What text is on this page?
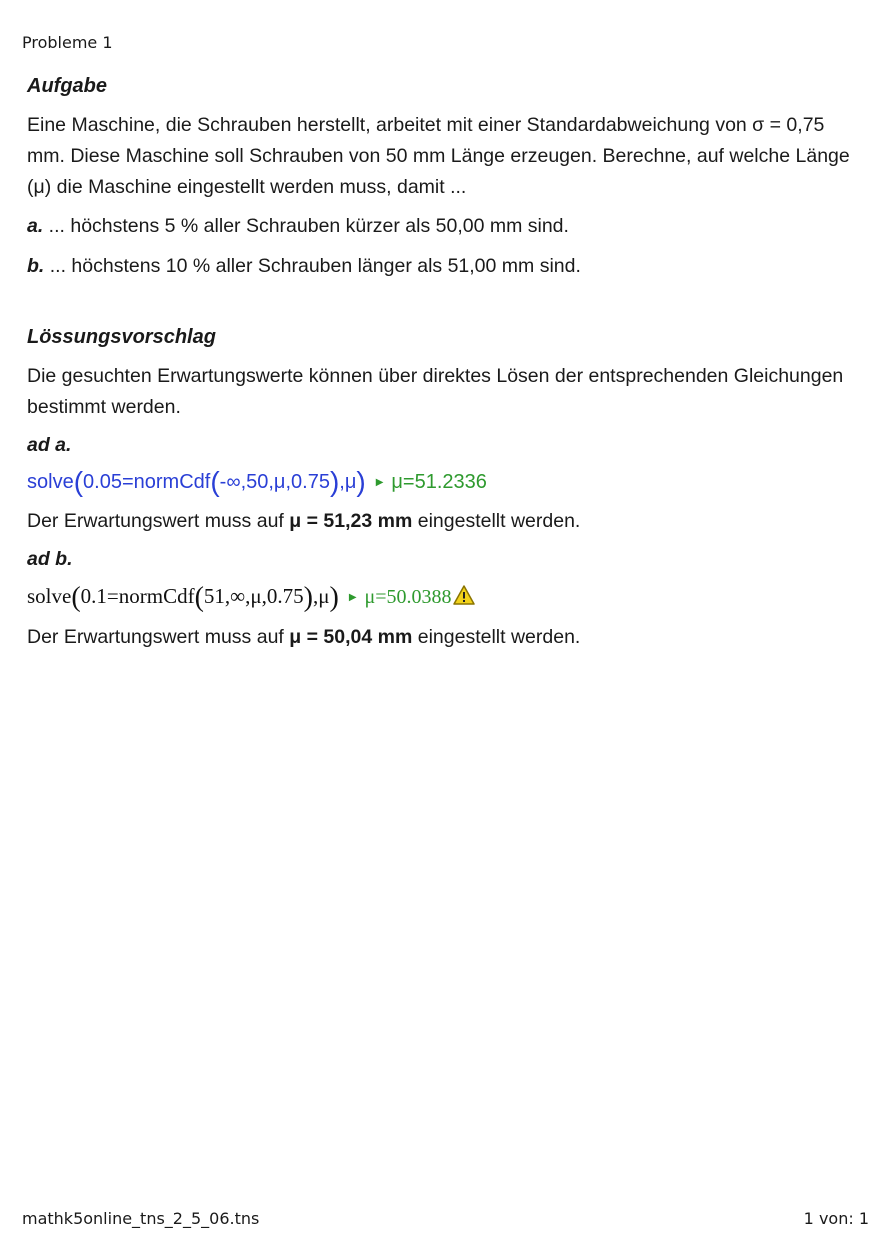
Probleme 1
Aufgabe
Eine Maschine, die Schrauben herstellt, arbeitet mit einer Standardabweichung von σ = 0,75 mm. Diese Maschine soll Schrauben von 50 mm Länge erzeugen. Berechne, auf welche Länge (μ) die Maschine eingestellt werden muss, damit ...
a. ... höchstens 5 % aller Schrauben kürzer als 50,00 mm sind.
b. ... höchstens 10 % aller Schrauben länger als 51,00 mm sind.
Lössungsvorschlag
Die gesuchten Erwartungswerte können über direktes Lösen der entsprechenden Gleichungen bestimmt werden.
ad a.
solve(0.05=normCdf(-∞,50,μ,0.75),μ) ▶ μ=51.2336
Der Erwartungswert muss auf μ = 51,23 mm eingestellt werden.
ad b.
solve(0.1=normCdf(51,∞,μ,0.75),μ) ▶ μ=50.0388
Der Erwartungswert muss auf μ = 50,04 mm eingestellt werden.
mathk5online_tns_2_5_06.tns	1 von: 1
